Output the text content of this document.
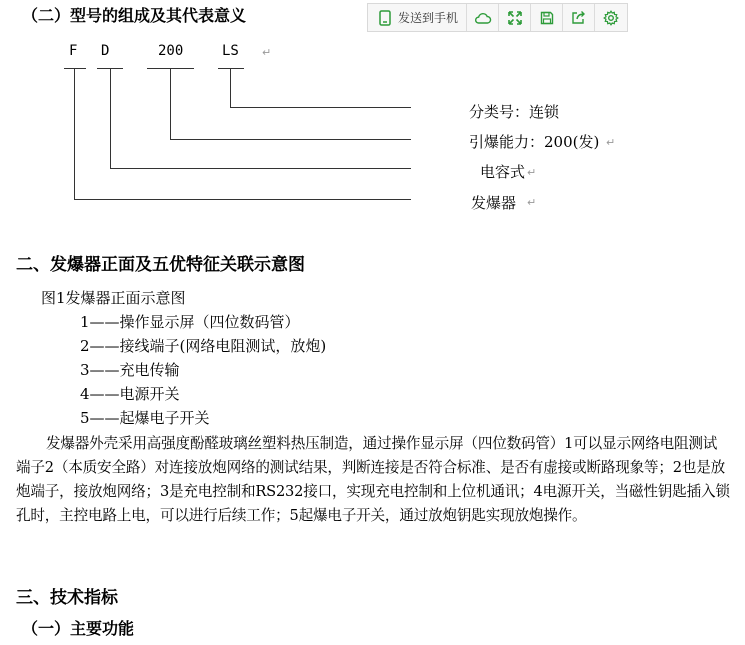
（二）型号的组成及其代表意义	发送到手机
F D	200	LS ↵
分类号：连锁
引爆能力：200(发) ↵
电容式 ↵
发爆器 ↵
二、发爆器正面及五优特征关联示意图
图1发爆器正面示意图
1——操作显示屏（四位数码管）
2——接线端子(网络电阻测试，放炮)
3——充电传输
4——电源开关
5——起爆电子开关
发爆器外壳采用高强度酚醛玻璃丝塑料热压制造，通过操作显示屏（四位数码管）1可以显示网络电阻测试端子2（本质安全路）对连接放炮网络的测试结果，判断连接是否符合标准、是否有虚接或断路现象等；2也是放炮端子，接放炮网络；3是充电控制和RS232接口，实现充电控制和上位机通讯；4电源开关，当磁性钥匙插入锁孔时，主控电路上电，可以进行后续工作；5起爆电子开关，通过放炮钥匙实现放炮操作。
三、技术指标
（一）主要功能
